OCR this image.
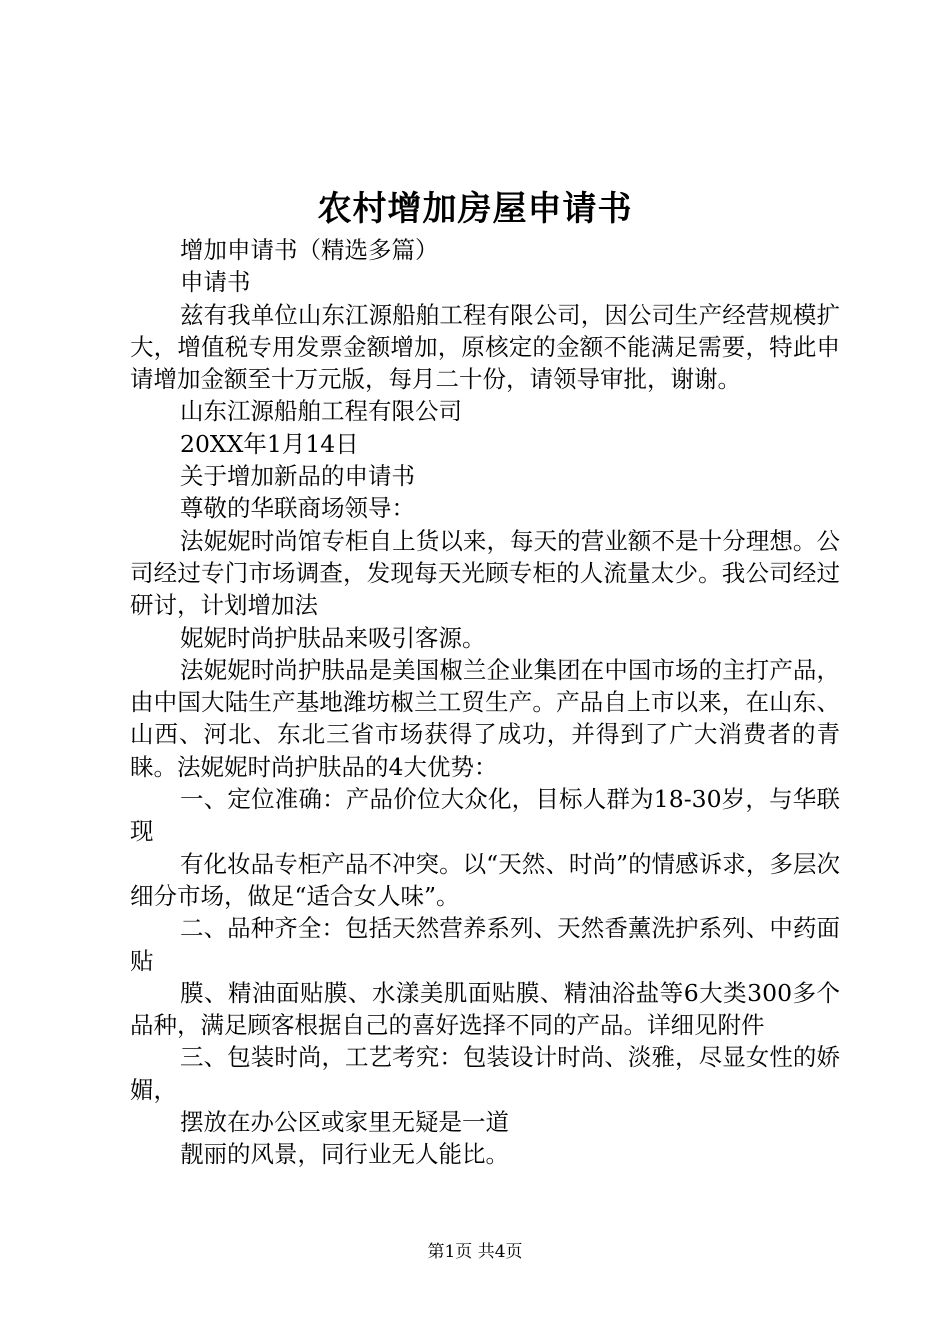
农村增加房屋申请书

增加申请书（精选多篇）

申请书

兹有我单位山东江源船舶工程有限公司，因公司生产经营规模扩大，增值税专用发票金额增加，原核定的金额不能满足需要，特此申请增加金额至十万元版，每月二十份，请领导审批，谢谢。

山东江源船舶工程有限公司

20XX年1月14日

关于增加新品的申请书

尊敬的华联商场领导：

法妮妮时尚馆专柜自上货以来，每天的营业额不是十分理想。公司经过专门市场调查，发现每天光顾专柜的人流量太少。我公司经过研讨，计划增加法

妮妮时尚护肤品来吸引客源。

法妮妮时尚护肤品是美国椒兰企业集团在中国市场的主打产品，由中国大陆生产基地潍坊椒兰工贸生产。产品自上市以来，在山东、山西、河北、东北三省市场获得了成功，并得到了广大消费者的青睐。法妮妮时尚护肤品的4大优势：

一、定位准确：产品价位大众化，目标人群为18-30岁，与华联现

有化妆品专柜产品不冲突。以“天然、时尚”的情感诉求，多层次细分市场，做足“适合女人味”。

二、品种齐全：包括天然营养系列、天然香薰洗护系列、中药面贴

膜、精油面贴膜、水漾美肌面贴膜、精油浴盐等6大类300多个品种，满足顾客根据自己的喜好选择不同的产品。详细见附件

三、包装时尚，工艺考究：包装设计时尚、淡雅，尽显女性的娇媚，

摆放在办公区或家里无疑是一道

靓丽的风景，同行业无人能比。

第1页 共4页
